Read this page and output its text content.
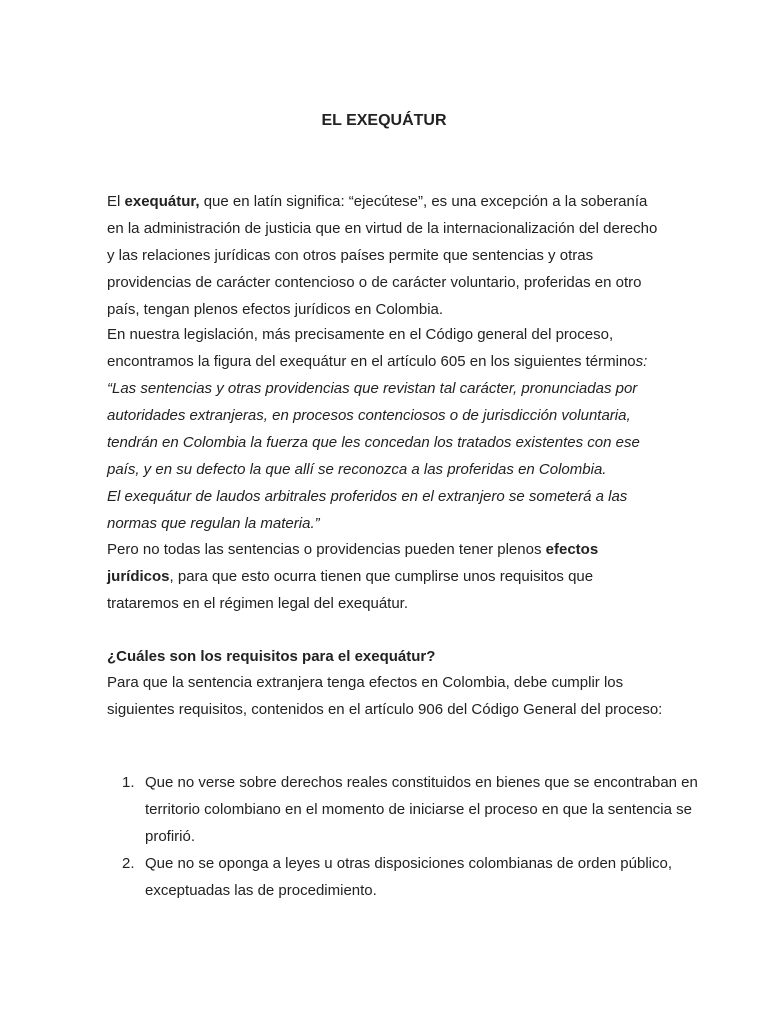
EL EXEQUÁTUR

El exequátur, que en latín significa: “ejecútese”, es una excepción a la soberanía en la administración de justicia que en virtud de la internacionalización del derecho y las relaciones jurídicas con otros países permite que sentencias y otras providencias de carácter contencioso o de carácter voluntario, proferidas en otro país, tengan plenos efectos jurídicos en Colombia.

En nuestra legislación, más precisamente en el Código general del proceso, encontramos la figura del exequátur en el artículo 605 en los siguientes términos:

“Las sentencias y otras providencias que revistan tal carácter, pronunciadas por autoridades extranjeras, en procesos contenciosos o de jurisdicción voluntaria, tendrán en Colombia la fuerza que les concedan los tratados existentes con ese país, y en su defecto la que allí se reconozca a las proferidas en Colombia.

El exequátur de laudos arbitrales proferidos en el extranjero se someterá a las normas que regulan la materia.”

Pero no todas las sentencias o providencias pueden tener plenos efectos jurídicos, para que esto ocurra tienen que cumplirse unos requisitos que trataremos en el régimen legal del exequátur.

¿Cuáles son los requisitos para el exequátur?

Para que la sentencia extranjera tenga efectos en Colombia, debe cumplir los siguientes requisitos, contenidos en el artículo 906 del Código General del proceso:

1. Que no verse sobre derechos reales constituidos en bienes que se encontraban en territorio colombiano en el momento de iniciarse el proceso en que la sentencia se profirió.
2. Que no se oponga a leyes u otras disposiciones colombianas de orden público, exceptuadas las de procedimiento.
